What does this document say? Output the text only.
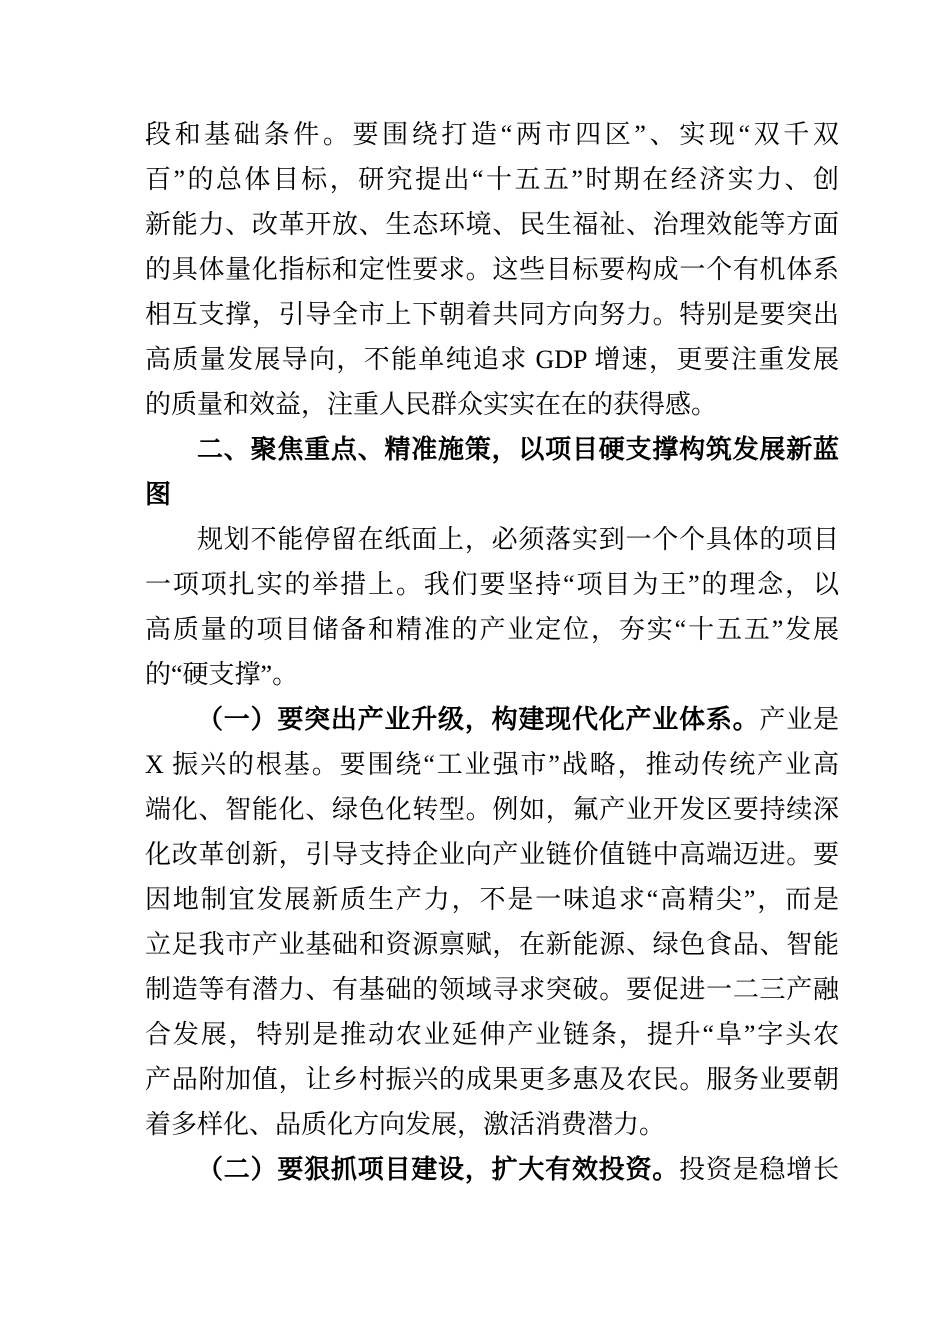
段和基础条件。要围绕打造“两市四区”、实现“双千双
百”的总体目标，研究提出“十五五”时期在经济实力、创
新能力、改革开放、生态环境、民生福祉、治理效能等方面
的具体量化指标和定性要求。这些目标要构成一个有机体系
相互支撑，引导全市上下朝着共同方向努力。特别是要突出
高质量发展导向，不能单纯追求 GDP 增速，更要注重发展
的质量和效益，注重人民群众实实在在的获得感。
二、聚焦重点、精准施策，以项目硬支撑构筑发展新蓝
图
规划不能停留在纸面上，必须落实到一个个具体的项目
一项项扎实的举措上。我们要坚持“项目为王”的理念，以
高质量的项目储备和精准的产业定位，夯实“十五五”发展
的“硬支撑”。
（一）要突出产业升级，构建现代化产业体系。产业是
X 振兴的根基。要围绕“工业强市”战略，推动传统产业高
端化、智能化、绿色化转型。例如，氟产业开发区要持续深
化改革创新，引导支持企业向产业链价值链中高端迈进。要
因地制宜发展新质生产力，不是一味追求“高精尖”，而是
立足我市产业基础和资源禀赋，在新能源、绿色食品、智能
制造等有潜力、有基础的领域寻求突破。要促进一二三产融
合发展，特别是推动农业延伸产业链条，提升“阜”字头农
产品附加值，让乡村振兴的成果更多惠及农民。服务业要朝
着多样化、品质化方向发展，激活消费潜力。
（二）要狠抓项目建设，扩大有效投资。投资是稳增长
